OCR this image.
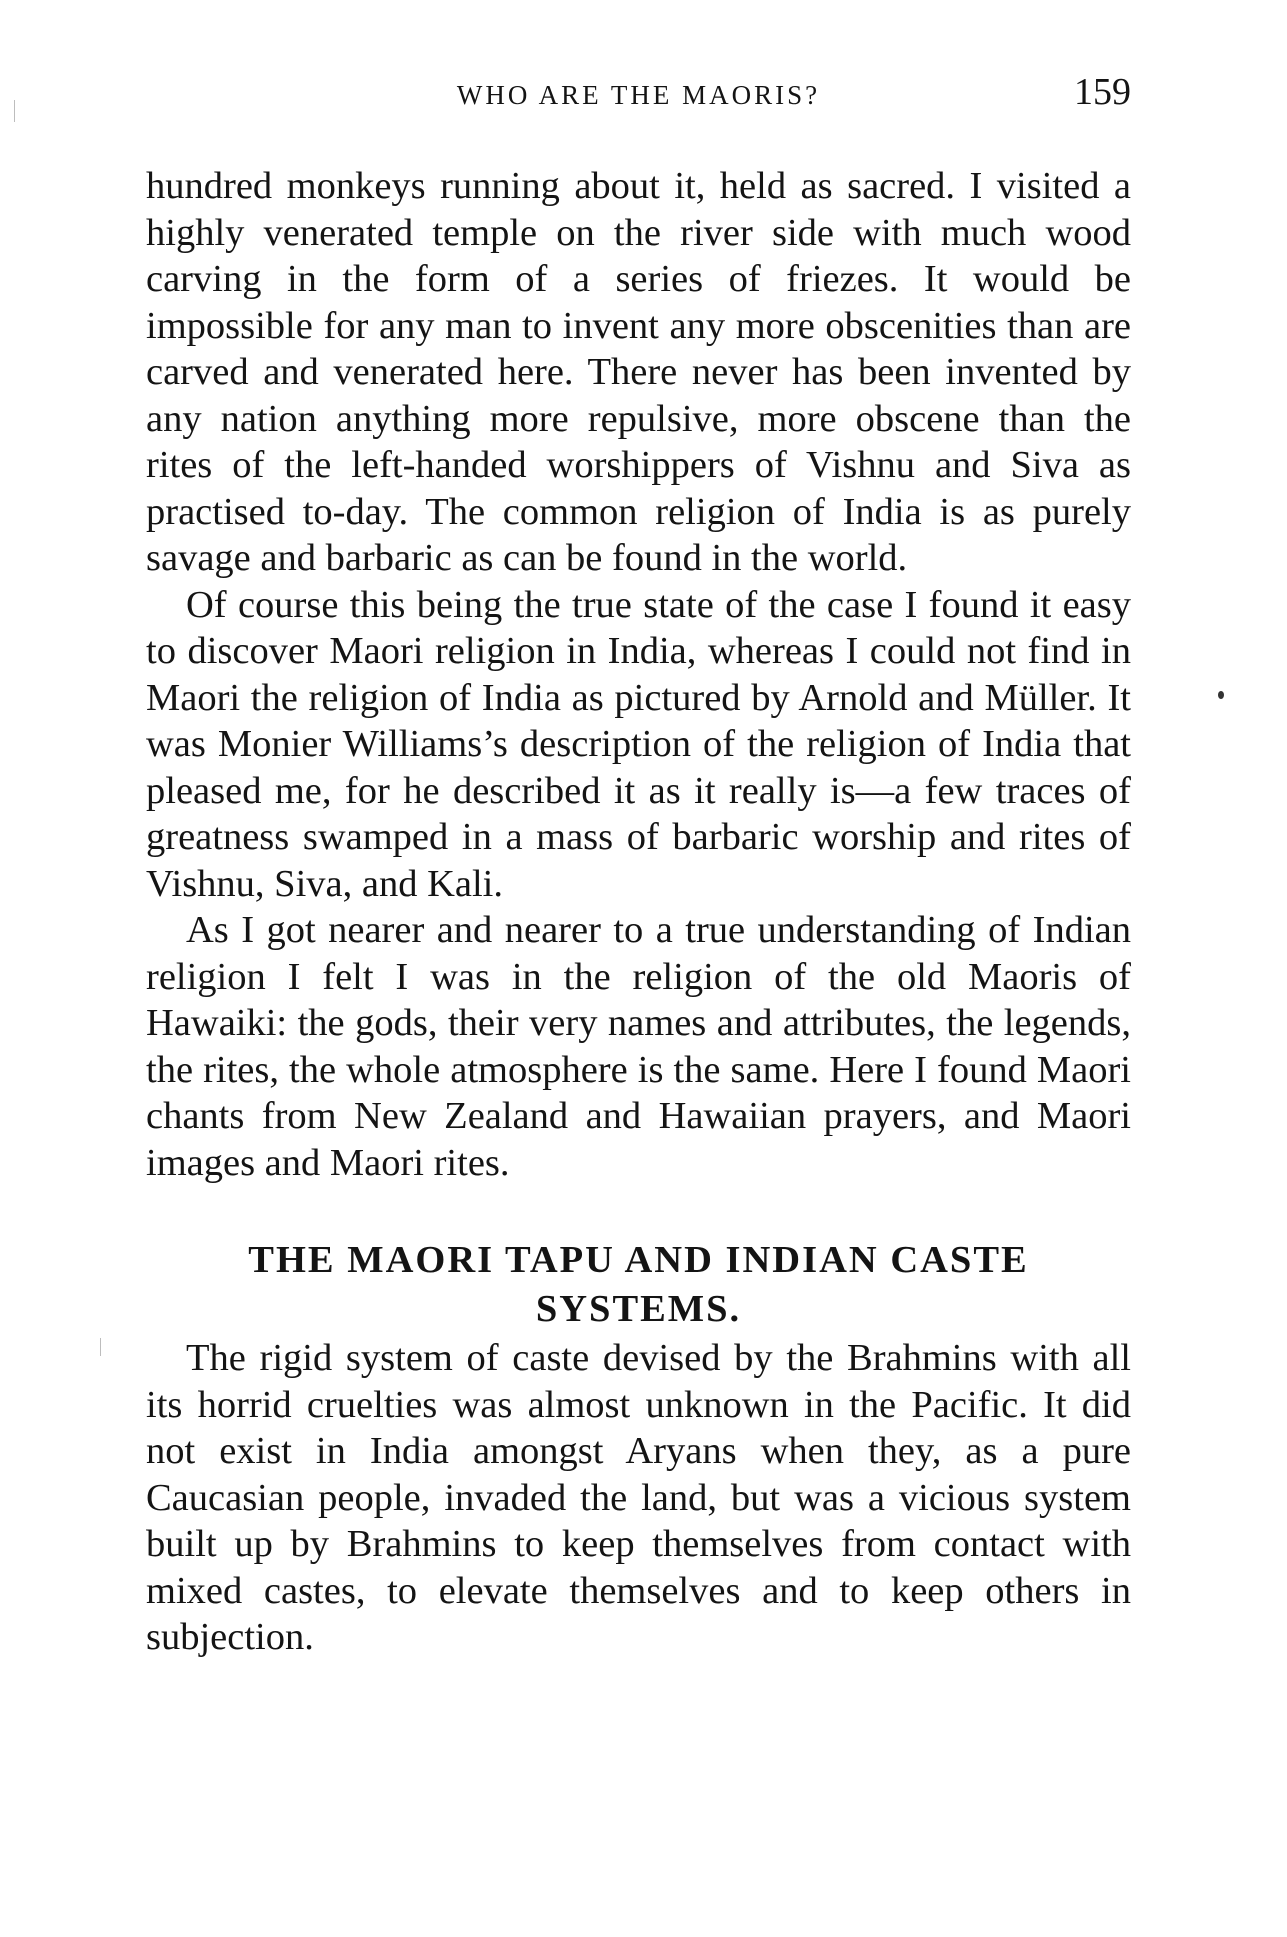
WHO ARE THE MAORIS?	159

hundred monkeys running about it, held as sacred. I visited a highly venerated temple on the river side with much wood carving in the form of a series of friezes. It would be impossible for any man to invent any more obscenities than are carved and venerated here. There never has been invented by any nation anything more repulsive, more obscene than the rites of the left-handed worshippers of Vishnu and Siva as practised to-day. The common religion of India is as purely savage and barbaric as can be found in the world.

Of course this being the true state of the case I found it easy to discover Maori religion in India, whereas I could not find in Maori the religion of India as pictured by Arnold and Müller. It was Monier Williams’s description of the religion of India that pleased me, for he described it as it really is—a few traces of greatness swamped in a mass of barbaric worship and rites of Vishnu, Siva, and Kali.

As I got nearer and nearer to a true understanding of Indian religion I felt I was in the religion of the old Maoris of Hawaiki: the gods, their very names and attributes, the legends, the rites, the whole atmosphere is the same. Here I found Maori chants from New Zealand and Hawaiian prayers, and Maori images and Maori rites.

THE MAORI TAPU AND INDIAN CASTE SYSTEMS.

The rigid system of caste devised by the Brahmins with all its horrid cruelties was almost unknown in the Pacific. It did not exist in India amongst Aryans when they, as a pure Caucasian people, invaded the land, but was a vicious system built up by Brahmins to keep themselves from contact with mixed castes, to elevate themselves and to keep others in subjection.
